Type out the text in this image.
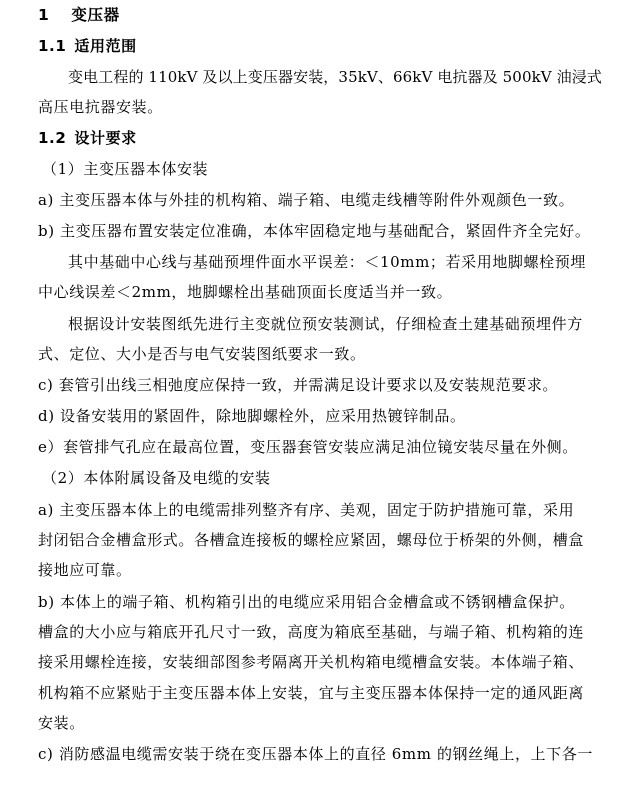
1 变压器
1.1 适用范围
变电工程的 110kV 及以上变压器安装，35kV、66kV 电抗器及 500kV 油浸式
高压电抗器安装。
1.2 设计要求
（1）主变压器本体安装
a) 主变压器本体与外挂的机构箱、端子箱、电缆走线槽等附件外观颜色一致。
b) 主变压器布置安装定位准确，本体牢固稳定地与基础配合，紧固件齐全完好。
其中基础中心线与基础预埋件面水平误差：＜10mm；若采用地脚螺栓预埋
中心线误差＜2mm，地脚螺栓出基础顶面长度适当并一致。
根据设计安装图纸先进行主变就位预安装测试，仔细检查土建基础预埋件方
式、定位、大小是否与电气安装图纸要求一致。
c) 套管引出线三相弛度应保持一致，并需满足设计要求以及安装规范要求。
d) 设备安装用的紧固件，除地脚螺栓外，应采用热镀锌制品。
e）套管排气孔应在最高位置，变压器套管安装应满足油位镜安装尽量在外侧。
（2）本体附属设备及电缆的安装
a) 主变压器本体上的电缆需排列整齐有序、美观，固定于防护措施可靠，采用
封闭铝合金槽盒形式。各槽盒连接板的螺栓应紧固，螺母位于桥架的外侧，槽盒
接地应可靠。
b) 本体上的端子箱、机构箱引出的电缆应采用铝合金槽盒或不锈钢槽盒保护。
槽盒的大小应与箱底开孔尺寸一致，高度为箱底至基础，与端子箱、机构箱的连
接采用螺栓连接，安装细部图参考隔离开关机构箱电缆槽盒安装。本体端子箱、
机构箱不应紧贴于主变压器本体上安装，宜与主变压器本体保持一定的通风距离
安装。
c) 消防感温电缆需安装于绕在变压器本体上的直径 6mm 的钢丝绳上，上下各一
